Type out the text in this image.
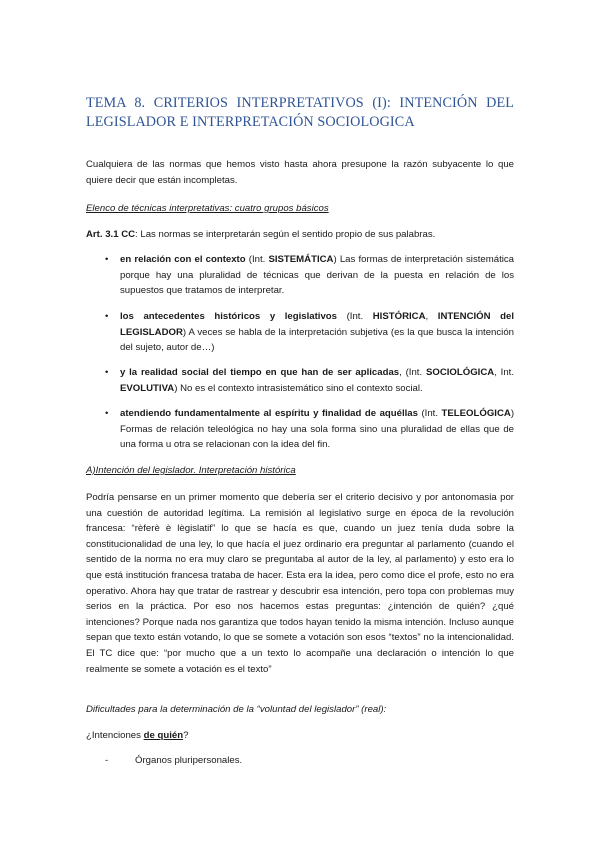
TEMA 8. CRITERIOS INTERPRETATIVOS (I): INTENCIÓN DEL LEGISLADOR E INTERPRETACIÓN SOCIOLOGICA
Cualquiera de las normas que hemos visto hasta ahora presupone la razón subyacente lo que quiere decir que están incompletas.
Elenco de técnicas interpretativas: cuatro grupos básicos
Art. 3.1 CC: Las normas se interpretarán según el sentido propio de sus palabras.
•	en relación con el contexto (Int. SISTEMÁTICA) Las formas de interpretación sistemática porque hay una pluralidad de técnicas que derivan de la puesta en relación de los supuestos que tratamos de interpretar.
•	los antecedentes históricos y legislativos (Int. HISTÓRICA, INTENCIÓN del LEGISLADOR) A veces se habla de la interpretación subjetiva (es la que busca la intención del sujeto, autor de…)
•	y la realidad social del tiempo en que han de ser aplicadas, (Int. SOCIOLÓGICA, Int. EVOLUTIVA) No es el contexto intrasistemático sino el contexto social.
•	atendiendo fundamentalmente al espíritu y finalidad de aquéllas (Int. TELEOLÓGICA) Formas de relación teleológica no hay una sola forma sino una pluralidad de ellas que de una forma u otra se relacionan con la idea del fin.
A)Intención del legislador. Interpretación histórica
Podría pensarse en un primer momento que debería ser el criterio decisivo y por antonomasia por una cuestión de autoridad legítima. La remisión al legislativo surge en época de la revolución francesa: “rèferè è lègislatif” lo que se hacía es que, cuando un juez tenía duda sobre la constitucionalidad de una ley, lo que hacía el juez ordinario era preguntar al parlamento (cuando el sentido de la norma no era muy claro se preguntaba al autor de la ley, al parlamento) y esto era lo que está institución francesa trataba de hacer. Esta era la idea, pero como dice el profe, esto no era operativo. Ahora hay que tratar de rastrear y descubrir esa intención, pero topa con problemas muy serios en la práctica. Por eso nos hacemos estas preguntas: ¿intención de quién? ¿qué intenciones? Porque nada nos garantiza que todos hayan tenido la misma intención. Incluso aunque sepan que texto están votando, lo que se somete a votación son esos “textos” no la intencionalidad. El TC dice que: “por mucho que a un texto lo acompañe una declaración o intención lo que realmente se somete a votación es el texto”
Dificultades para la determinación de la “voluntad del legislador” (real):
¿Intenciones de quién?
-	Órganos pluripersonales.
